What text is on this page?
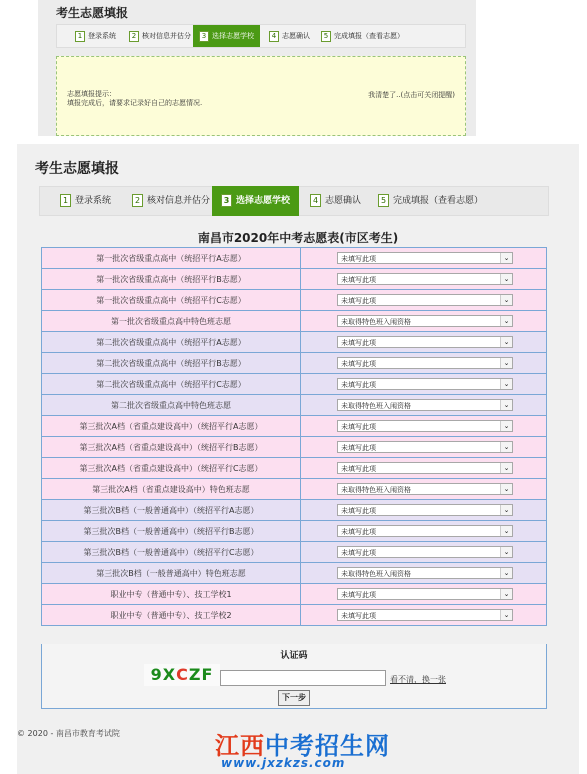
考生志愿填报
1 登录系统	2 核对信息并估分	3 选择志愿学校	4 志愿确认	5 完成填报（查看志愿）
志愿填报提示：
填报完成后，请要求记录好自己的志愿情况.
我清楚了..(点击可关闭提醒)
考生志愿填报
1 登录系统	2 核对信息并估分	3 选择志愿学校	4 志愿确认	5 完成填报（查看志愿）
南昌市2020年中考志愿表(市区考生)
第一批次省级重点高中（统招平行A志愿）	未填写此项 ⌄

第一批次省级重点高中（统招平行B志愿）	未填写此项 ⌄

第一批次省级重点高中（统招平行C志愿）	未填写此项 ⌄

第一批次省级重点高中特色班志愿	未取得特色班入闱资格 ⌄

第二批次省级重点高中（统招平行A志愿）	未填写此项 ⌄

第二批次省级重点高中（统招平行B志愿）	未填写此项 ⌄

第二批次省级重点高中（统招平行C志愿）	未填写此项 ⌄

第二批次省级重点高中特色班志愿	未取得特色班入闱资格 ⌄

第三批次A档（省重点建设高中）（统招平行A志愿）	未填写此项 ⌄

第三批次A档（省重点建设高中）（统招平行B志愿）	未填写此项 ⌄

第三批次A档（省重点建设高中）（统招平行C志愿）	未填写此项 ⌄

第三批次A档（省重点建设高中）特色班志愿	未取得特色班入闱资格 ⌄

第三批次B档（一般普通高中）（统招平行A志愿）	未填写此项 ⌄

第三批次B档（一般普通高中）（统招平行B志愿）	未填写此项 ⌄

第三批次B档（一般普通高中）（统招平行C志愿）	未填写此项 ⌄

第三批次B档（一般普通高中）特色班志愿	未取得特色班入闱资格 ⌄

职业中专（普通中专）、技工学校1	未填写此项 ⌄

职业中专（普通中专）、技工学校2	未填写此项 ⌄
认证码
9XCZF	看不清，换一张
下一步
© 2020 - 南昌市教育考试院	江西中考招生网
www.jxzkzs.com
